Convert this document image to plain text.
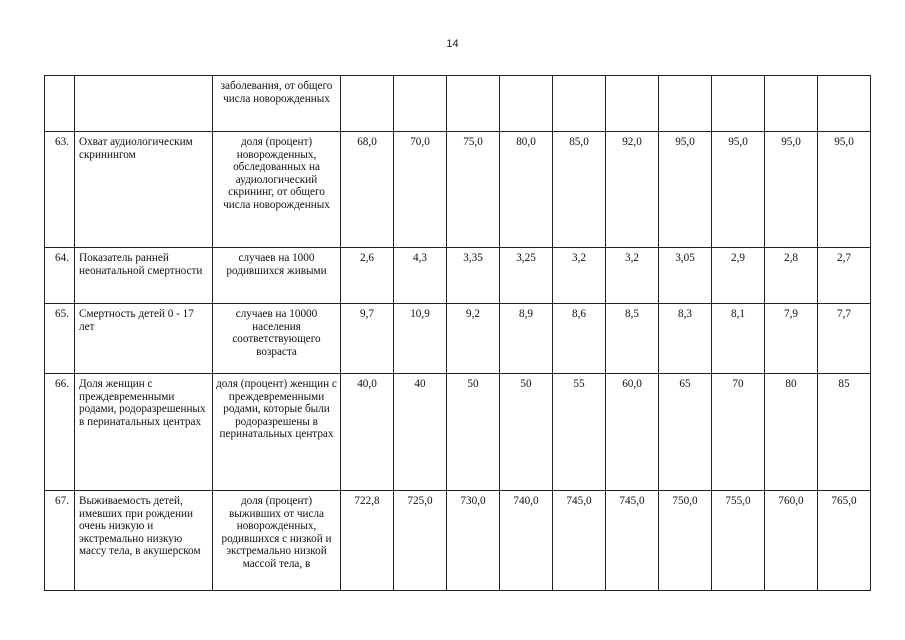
14
		заболевания, от общего числа новорожденных										
63.	Охват аудиологическим скринингом	доля (процент) новорожденных, обследованных на аудиологический скрининг, от общего числа новорожденных	68,0	70,0	75,0	80,0	85,0	92,0	95,0	95,0	95,0	95,0
64.	Показатель ранней неонатальной смертности	случаев на 1000 родившихся живыми	2,6	4,3	3,35	3,25	3,2	3,2	3,05	2,9	2,8	2,7
65.	Смертность детей 0 - 17 лет	случаев на 10000 населения соответствующего возраста	9,7	10,9	9,2	8,9	8,6	8,5	8,3	8,1	7,9	7,7
66.	Доля женщин с преждевременными родами, родоразрешенных в перинатальных центрах	доля (процент) женщин с преждевременными родами, которые были родоразрешены в перинатальных центрах	40,0	40	50	50	55	60,0	65	70	80	85
67.	Выживаемость детей, имевших при рождении очень низкую и экстремально низкую массу тела, в акушерском	доля (процент) выживших от числа новорожденных, родившихся с низкой и экстремально низкой массой тела, в	722,8	725,0	730,0	740,0	745,0	745,0	750,0	755,0	760,0	765,0
